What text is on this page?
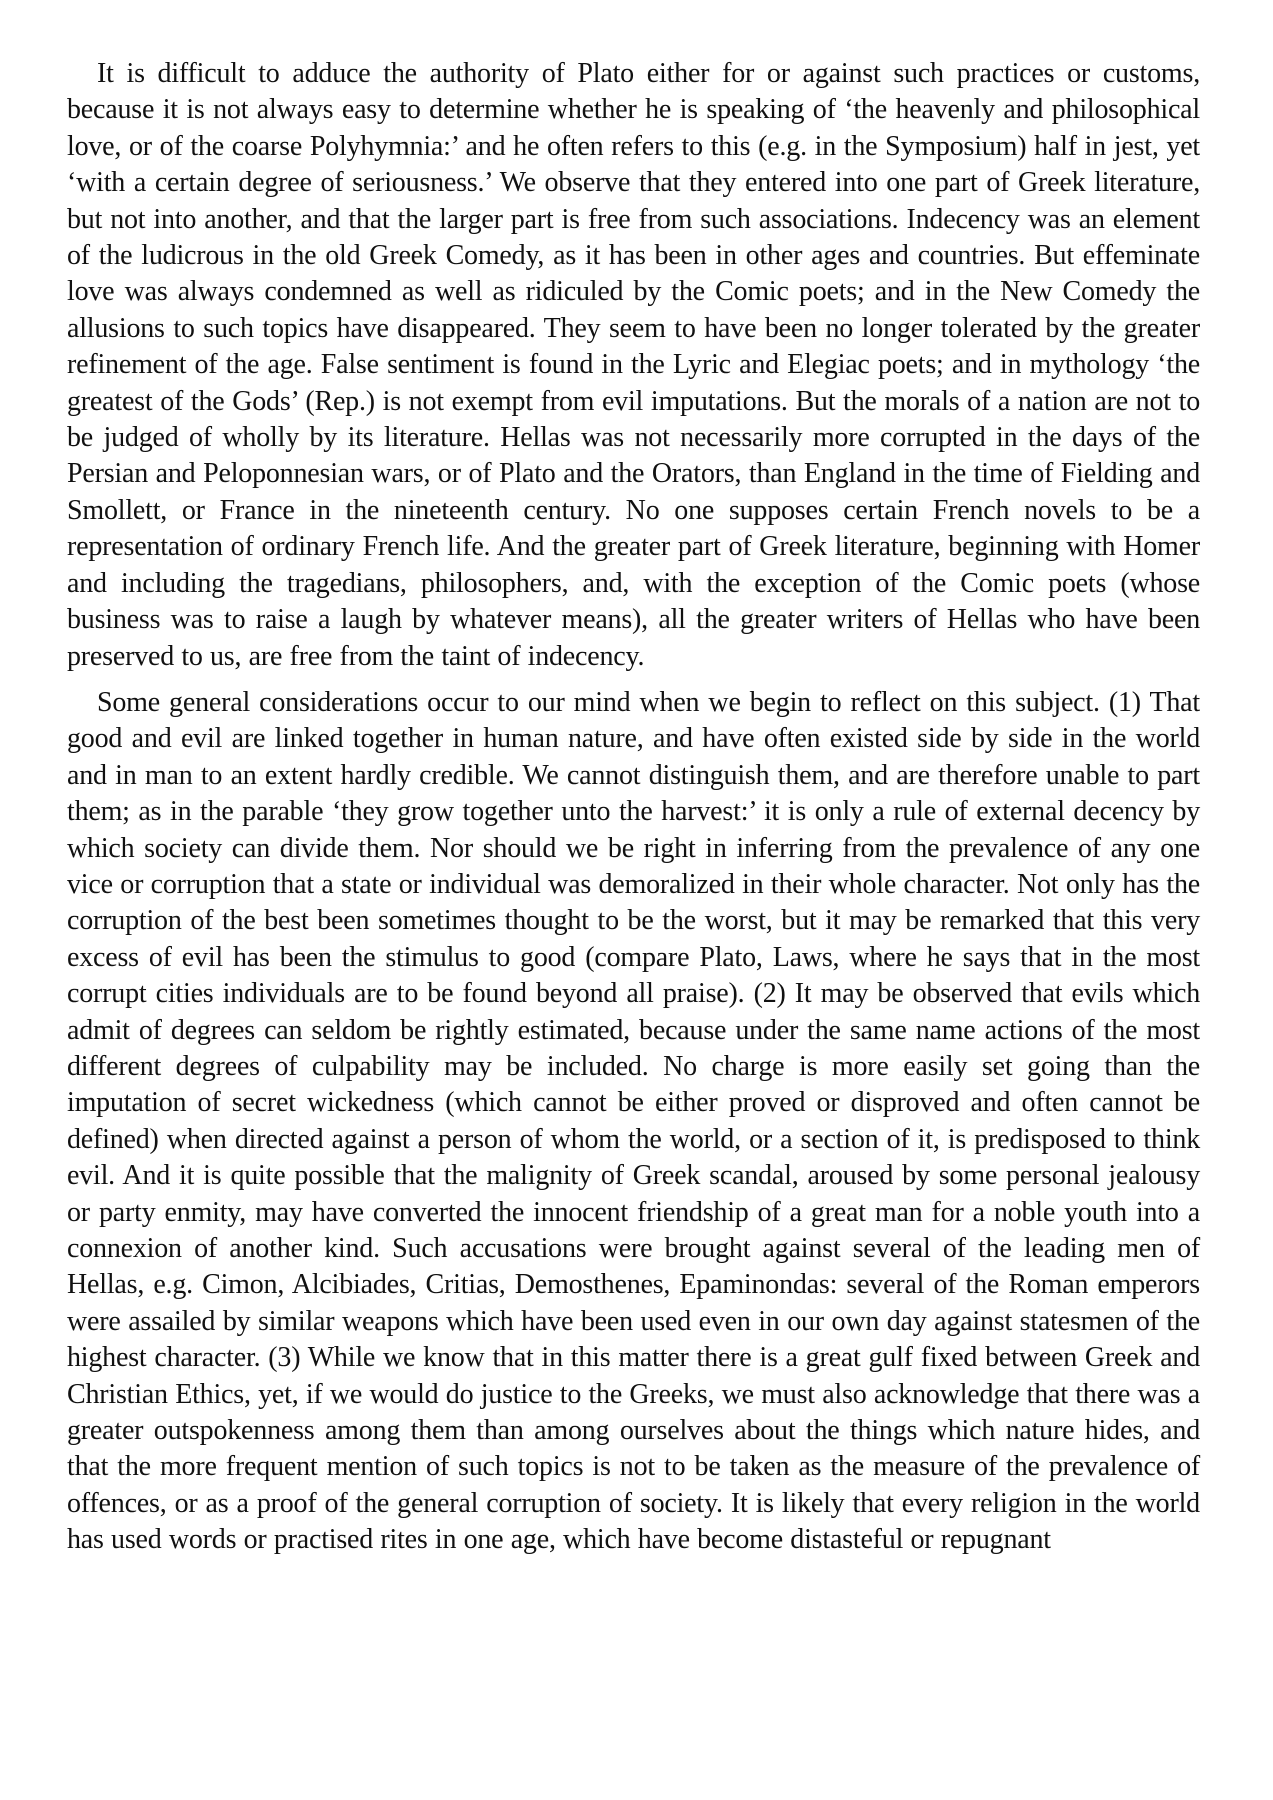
It is difficult to adduce the authority of Plato either for or against such practices or customs, because it is not always easy to determine whether he is speaking of ‘the heavenly and philosophical love, or of the coarse Polyhymnia:’ and he often refers to this (e.g. in the Symposium) half in jest, yet ‘with a certain degree of seriousness.’ We observe that they entered into one part of Greek literature, but not into another, and that the larger part is free from such associations. Indecency was an element of the ludicrous in the old Greek Comedy, as it has been in other ages and countries. But effeminate love was always condemned as well as ridiculed by the Comic poets; and in the New Comedy the allusions to such topics have disappeared. They seem to have been no longer tolerated by the greater refinement of the age. False sentiment is found in the Lyric and Elegiac poets; and in mythology ‘the greatest of the Gods’ (Rep.) is not exempt from evil imputations. But the morals of a nation are not to be judged of wholly by its literature. Hellas was not necessarily more corrupted in the days of the Persian and Peloponnesian wars, or of Plato and the Orators, than England in the time of Fielding and Smollett, or France in the nineteenth century. No one supposes certain French novels to be a representation of ordinary French life. And the greater part of Greek literature, beginning with Homer and including the tragedians, philosophers, and, with the exception of the Comic poets (whose business was to raise a laugh by whatever means), all the greater writers of Hellas who have been preserved to us, are free from the taint of indecency.

Some general considerations occur to our mind when we begin to reflect on this subject. (1) That good and evil are linked together in human nature, and have often existed side by side in the world and in man to an extent hardly credible. We cannot distinguish them, and are therefore unable to part them; as in the parable ‘they grow together unto the harvest:’ it is only a rule of external decency by which society can divide them. Nor should we be right in inferring from the prevalence of any one vice or corruption that a state or individual was demoralized in their whole character. Not only has the corruption of the best been sometimes thought to be the worst, but it may be remarked that this very excess of evil has been the stimulus to good (compare Plato, Laws, where he says that in the most corrupt cities individuals are to be found beyond all praise). (2) It may be observed that evils which admit of degrees can seldom be rightly estimated, because under the same name actions of the most different degrees of culpability may be included. No charge is more easily set going than the imputation of secret wickedness (which cannot be either proved or disproved and often cannot be defined) when directed against a person of whom the world, or a section of it, is predisposed to think evil. And it is quite possible that the malignity of Greek scandal, aroused by some personal jealousy or party enmity, may have converted the innocent friendship of a great man for a noble youth into a connexion of another kind. Such accusations were brought against several of the leading men of Hellas, e.g. Cimon, Alcibiades, Critias, Demosthenes, Epaminondas: several of the Roman emperors were assailed by similar weapons which have been used even in our own day against statesmen of the highest character. (3) While we know that in this matter there is a great gulf fixed between Greek and Christian Ethics, yet, if we would do justice to the Greeks, we must also acknowledge that there was a greater outspokenness among them than among ourselves about the things which nature hides, and that the more frequent mention of such topics is not to be taken as the measure of the prevalence of offences, or as a proof of the general corruption of society. It is likely that every religion in the world has used words or practised rites in one age, which have become distasteful or repugnant
